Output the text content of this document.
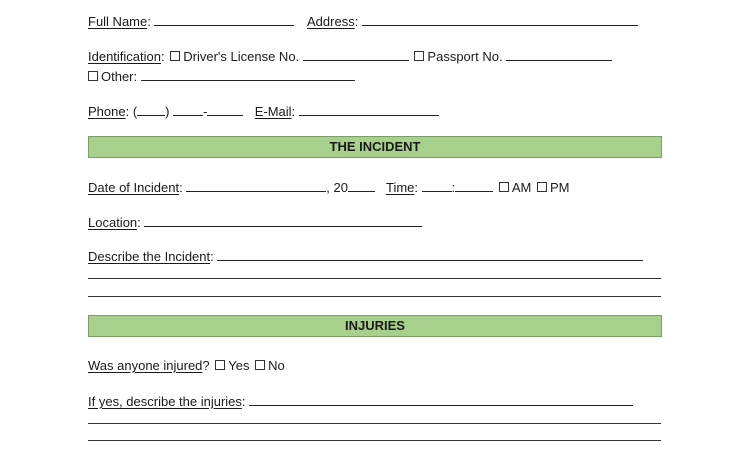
Full Name:	Address:
Identification: Driver's License No.	Passport No.
Other:
Phone: ( ) -	E-Mail:
THE INCIDENT
Date of Incident:	, 20	Time: :	AM PM
Location:
Describe the Incident:
INJURIES
Was anyone injured? Yes No
If yes, describe the injuries:
